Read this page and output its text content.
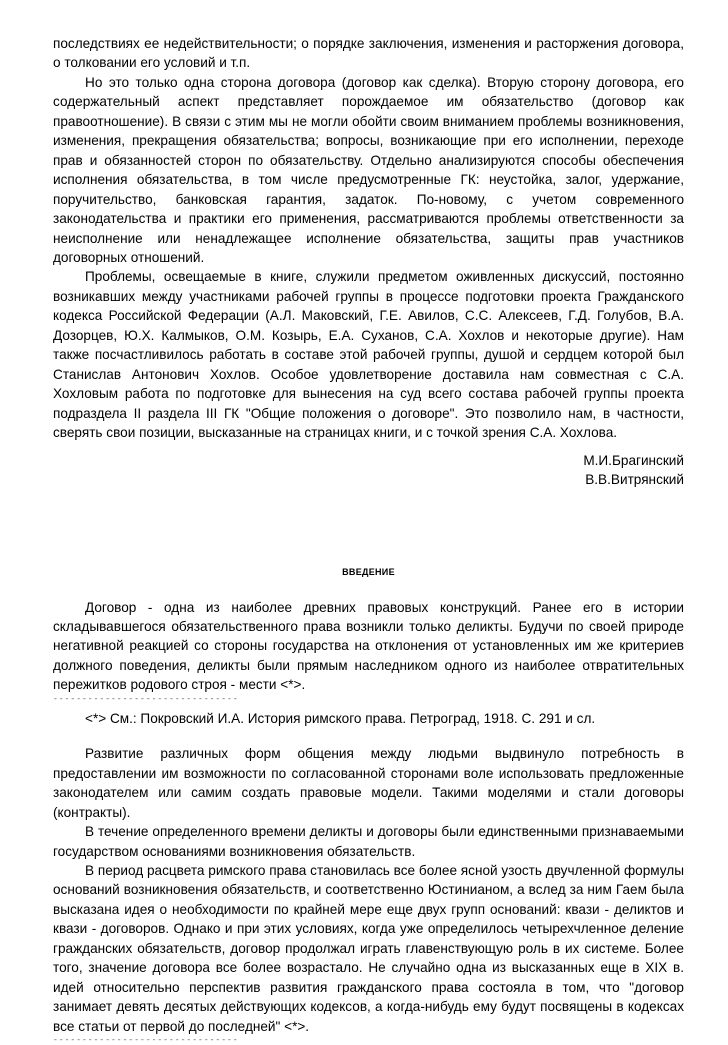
последствиях ее недействительности; о порядке заключения, изменения и расторжения договора, о толковании его условий и т.п.

Но это только одна сторона договора (договор как сделка). Вторую сторону договора, его содержательный аспект представляет порождаемое им обязательство (договор как правоотношение). В связи с этим мы не могли обойти своим вниманием проблемы возникновения, изменения, прекращения обязательства; вопросы, возникающие при его исполнении, переходе прав и обязанностей сторон по обязательству. Отдельно анализируются способы обеспечения исполнения обязательства, в том числе предусмотренные ГК: неустойка, залог, удержание, поручительство, банковская гарантия, задаток. По-новому, с учетом современного законодательства и практики его применения, рассматриваются проблемы ответственности за неисполнение или ненадлежащее исполнение обязательства, защиты прав участников договорных отношений.

Проблемы, освещаемые в книге, служили предметом оживленных дискуссий, постоянно возникавших между участниками рабочей группы в процессе подготовки проекта Гражданского кодекса Российской Федерации (А.Л. Маковский, Г.Е. Авилов, С.С. Алексеев, Г.Д. Голубов, В.А. Дозорцев, Ю.Х. Калмыков, О.М. Козырь, Е.А. Суханов, С.А. Хохлов и некоторые другие). Нам также посчастливилось работать в составе этой рабочей группы, душой и сердцем которой был Станислав Антонович Хохлов. Особое удовлетворение доставила нам совместная с С.А. Хохловым работа по подготовке для вынесения на суд всего состава рабочей группы проекта подраздела II раздела III ГК "Общие положения о договоре". Это позволило нам, в частности, сверять свои позиции, высказанные на страницах книги, и с точкой зрения С.А. Хохлова.

М.И.Брагинский
В.В.Витрянский
ВВЕДЕНИЕ

Договор - одна из наиболее древних правовых конструкций. Ранее его в истории складывавшегося обязательственного права возникли только деликты. Будучи по своей природе негативной реакцией со стороны государства на отклонения от установленных им же критериев должного поведения, деликты были прямым наследником одного из наиболее отвратительных пережитков родового строя - мести <*>.

--------------------------------

<*> См.: Покровский И.А. История римского права. Петроград, 1918. С. 291 и сл.

Развитие различных форм общения между людьми выдвинуло потребность в предоставлении им возможности по согласованной сторонами воле использовать предложенные законодателем или самим создать правовые модели. Такими моделями и стали договоры (контракты).

В течение определенного времени деликты и договоры были единственными признаваемыми государством основаниями возникновения обязательств.

В период расцвета римского права становилась все более ясной узость двучленной формулы оснований возникновения обязательств, и соответственно Юстинианом, а вслед за ним Гаем была высказана идея о необходимости по крайней мере еще двух групп оснований: квази - деликтов и квази - договоров. Однако и при этих условиях, когда уже определилось четырехчленное деление гражданских обязательств, договор продолжал играть главенствующую роль в их системе. Более того, значение договора все более возрастало. Не случайно одна из высказанных еще в XIX в. идей относительно перспектив развития гражданского права состояла в том, что "договор занимает девять десятых действующих кодексов, а когда-нибудь ему будут посвящены в кодексах все статьи от первой до последней" <*>.

--------------------------------
